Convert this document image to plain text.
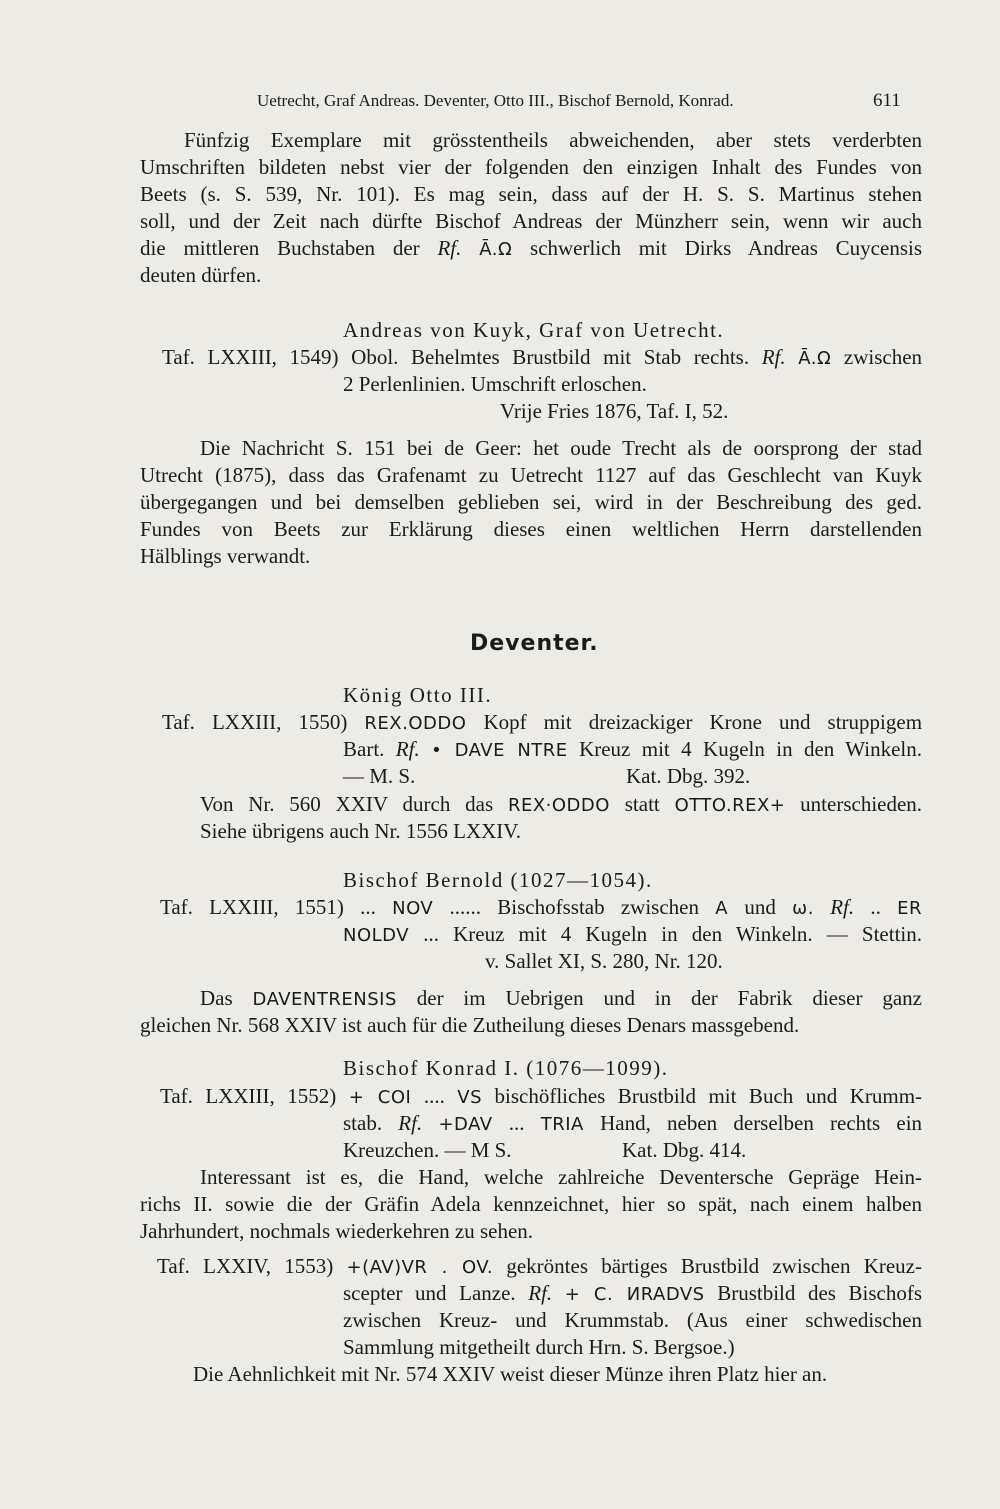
Uetrecht, Graf Andreas. Deventer, Otto III., Bischof Bernold, Konrad.	611
Fünfzig Exemplare mit grösstentheils abweichenden, aber stets verderbten
Umschriften bildeten nebst vier der folgenden den einzigen Inhalt des Fundes von
Beets (s. S. 539, Nr. 101). Es mag sein, dass auf der H. S. S. Martinus stehen
soll, und der Zeit nach dürfte Bischof Andreas der Münzherr sein, wenn wir auch
die mittleren Buchstaben der Rf. Ā.Ω schwerlich mit Dirks Andreas Cuycensis
deuten dürfen.
Andreas von Kuyk, Graf von Uetrecht.
Taf. LXXIII, 1549) Obol. Behelmtes Brustbild mit Stab rechts. Rf. Ā.Ω zwischen
2 Perlenlinien. Umschrift erloschen.
Vrije Fries 1876, Taf. I, 52.
Die Nachricht S. 151 bei de Geer: het oude Trecht als de oorsprong der stad
Utrecht (1875), dass das Grafenamt zu Uetrecht 1127 auf das Geschlecht van Kuyk
übergegangen und bei demselben geblieben sei, wird in der Beschreibung des ged.
Fundes von Beets zur Erklärung dieses einen weltlichen Herrn darstellenden
Hälblings verwandt.
Deventer.
König Otto III.
Taf. LXXIII, 1550) REX.ODDO Kopf mit dreizackiger Krone und struppigem
Bart. Rf. • DAVE NTRE Kreuz mit 4 Kugeln in den Winkeln.
— M. S.	Kat. Dbg. 392.
Von Nr. 560 XXIV durch das REX·ODDO statt OTTO.REX+ unterschieden.
Siehe übrigens auch Nr. 1556 LXXIV.
Bischof Bernold (1027—1054).
Taf. LXXIII, 1551) ... NOV ...... Bischofsstab zwischen A und ω. Rf. .. ER
NOLDV ... Kreuz mit 4 Kugeln in den Winkeln. — Stettin.
v. Sallet XI, S. 280, Nr. 120.
Das DAVENTRENSIS der im Uebrigen und in der Fabrik dieser ganz
gleichen Nr. 568 XXIV ist auch für die Zutheilung dieses Denars massgebend.
Bischof Konrad I. (1076—1099).
Taf. LXXIII, 1552) + COI .... VS bischöfliches Brustbild mit Buch und Krumm-
stab. Rf. +DAV ... TRIA Hand, neben derselben rechts ein
Kreuzchen. — M S.	Kat. Dbg. 414.
Interessant ist es, die Hand, welche zahlreiche Deventersche Gepräge Hein-
richs II. sowie die der Gräfin Adela kennzeichnet, hier so spät, nach einem halben
Jahrhundert, nochmals wiederkehren zu sehen.
Taf. LXXIV, 1553) +(AV)VR . OV. gekröntes bärtiges Brustbild zwischen Kreuz-
scepter und Lanze. Rf. + C. ИRADVS Brustbild des Bischofs
zwischen Kreuz- und Krummstab. (Aus einer schwedischen
Sammlung mitgetheilt durch Hrn. S. Bergsoe.)
Die Aehnlichkeit mit Nr. 574 XXIV weist dieser Münze ihren Platz hier an.
